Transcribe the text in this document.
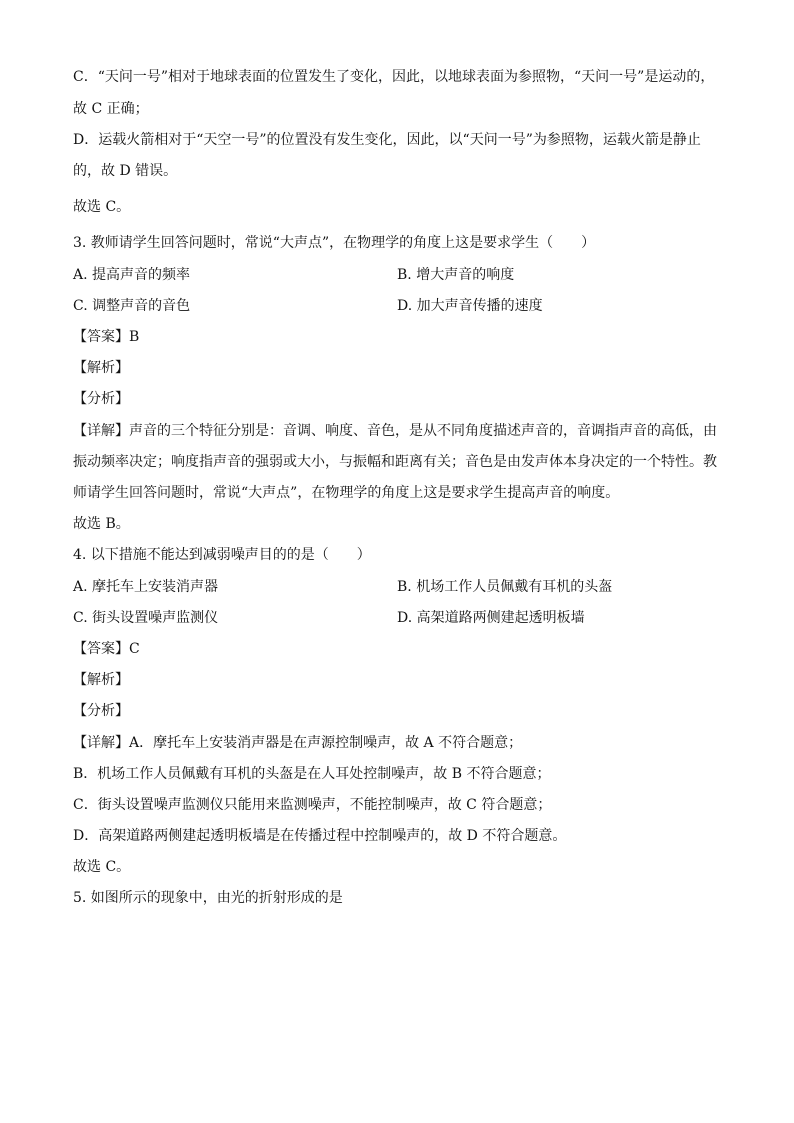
C．“天问一号”相对于地球表面的位置发生了变化，因此，以地球表面为参照物，“天问一号”是运动的，
故 C 正确；
D．运载火箭相对于“天空一号”的位置没有发生变化，因此，以“天问一号”为参照物，运载火箭是静止
的，故 D 错误。
故选 C。
3. 教师请学生回答问题时，常说“大声点”，在物理学的角度上这是要求学生（　　）
A. 提高声音的频率	B. 增大声音的响度
C. 调整声音的音色	D. 加大声音传播的速度
【答案】B
【解析】
【分析】
【详解】声音的三个特征分别是：音调、响度、音色，是从不同角度描述声音的，音调指声音的高低，由
振动频率决定；响度指声音的强弱或大小，与振幅和距离有关；音色是由发声体本身决定的一个特性。教
师请学生回答问题时，常说“大声点”，在物理学的角度上这是要求学生提高声音的响度。
故选 B。
4. 以下措施不能达到减弱噪声目的的是（　　）
A. 摩托车上安装消声器	B. 机场工作人员佩戴有耳机的头盔
C. 街头设置噪声监测仪	D. 高架道路两侧建起透明板墙
【答案】C
【解析】
【分析】
【详解】A．摩托车上安装消声器是在声源控制噪声，故 A 不符合题意；
B．机场工作人员佩戴有耳机的头盔是在人耳处控制噪声，故 B 不符合题意；
C．街头设置噪声监测仪只能用来监测噪声，不能控制噪声，故 C 符合题意；
D．高架道路两侧建起透明板墙是在传播过程中控制噪声的，故 D 不符合题意。
故选 C。
5. 如图所示的现象中，由光的折射形成的是
